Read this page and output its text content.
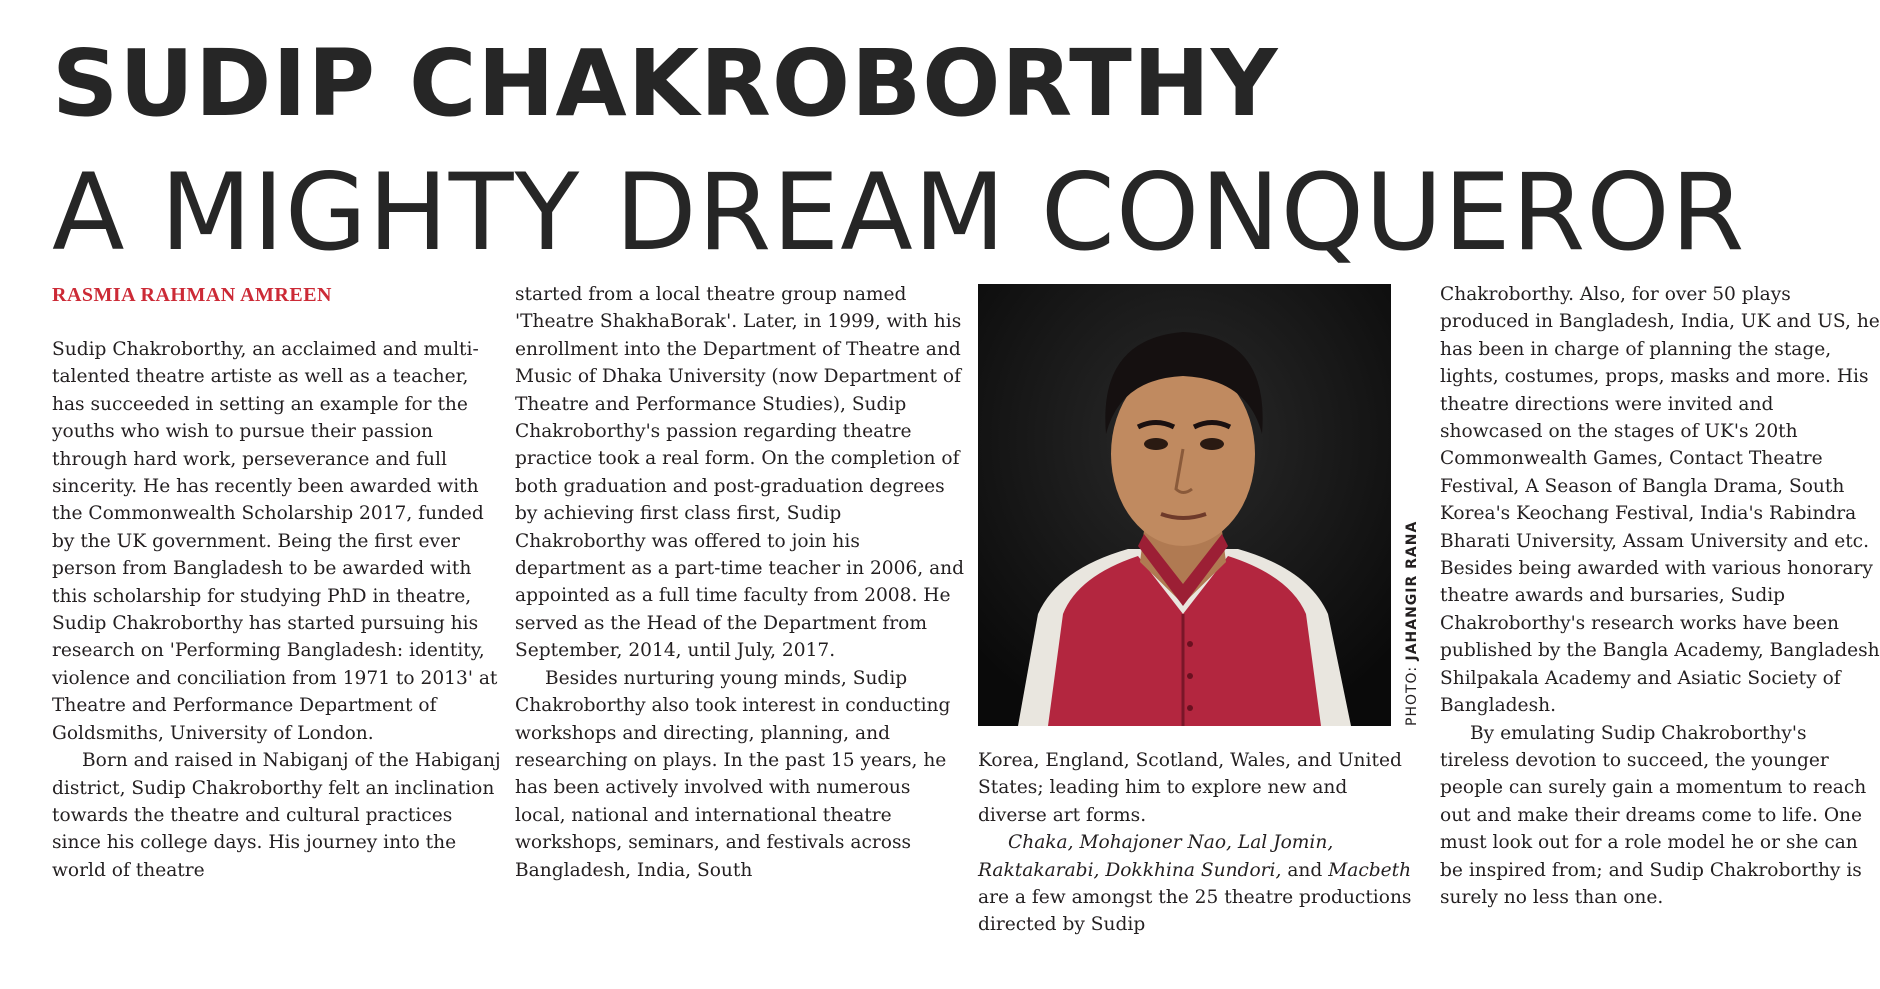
SUDIP CHAKROBORTHY
A MIGHTY DREAM CONQUEROR
RASMIA RAHMAN AMREEN

Sudip Chakroborthy, an acclaimed and multi-talented theatre artiste as well as a teacher, has succeeded in setting an example for the youths who wish to pursue their passion through hard work, perseverance and full sincerity. He has recently been awarded with the Commonwealth Scholarship 2017, funded by the UK government. Being the first ever person from Bangladesh to be awarded with this scholarship for studying PhD in theatre, Sudip Chakroborthy has started pursuing his research on 'Performing Bangladesh: identity, violence and conciliation from 1971 to 2013' at Theatre and Performance Department of Goldsmiths, University of London.

Born and raised in Nabiganj of the Habiganj district, Sudip Chakroborthy felt an inclination towards the theatre and cultural practices since his college days. His journey into the world of theatre

started from a local theatre group named 'Theatre ShakhaBorak'. Later, in 1999, with his enrollment into the Department of Theatre and Music of Dhaka University (now Department of Theatre and Performance Studies), Sudip Chakroborthy's passion regarding theatre practice took a real form. On the completion of both graduation and post-graduation degrees by achieving first class first, Sudip Chakroborthy was offered to join his department as a part-time teacher in 2006, and appointed as a full time faculty from 2008. He served as the Head of the Department from September, 2014, until July, 2017.

Besides nurturing young minds, Sudip Chakroborthy also took interest in conducting workshops and directing, planning, and researching on plays. In the past 15 years, he has been actively involved with numerous local, national and international theatre workshops, seminars, and festivals across Bangladesh, India, South

PHOTO: JAHANGIR RANA

Korea, England, Scotland, Wales, and United States; leading him to explore new and diverse art forms.

Chaka, Mohajoner Nao, Lal Jomin, Raktakarabi, Dokkhina Sundori, and Macbeth are a few amongst the 25 theatre productions directed by Sudip

Chakroborthy. Also, for over 50 plays produced in Bangladesh, India, UK and US, he has been in charge of planning the stage, lights, costumes, props, masks and more. His theatre directions were invited and showcased on the stages of UK's 20th Commonwealth Games, Contact Theatre Festival, A Season of Bangla Drama, South Korea's Keochang Festival, India's Rabindra Bharati University, Assam University and etc. Besides being awarded with various honorary theatre awards and bursaries, Sudip Chakroborthy's research works have been published by the Bangla Academy, Bangladesh Shilpakala Academy and Asiatic Society of Bangladesh.

By emulating Sudip Chakroborthy's tireless devotion to succeed, the younger people can surely gain a momentum to reach out and make their dreams come to life. One must look out for a role model he or she can be inspired from; and Sudip Chakroborthy is surely no less than one.
